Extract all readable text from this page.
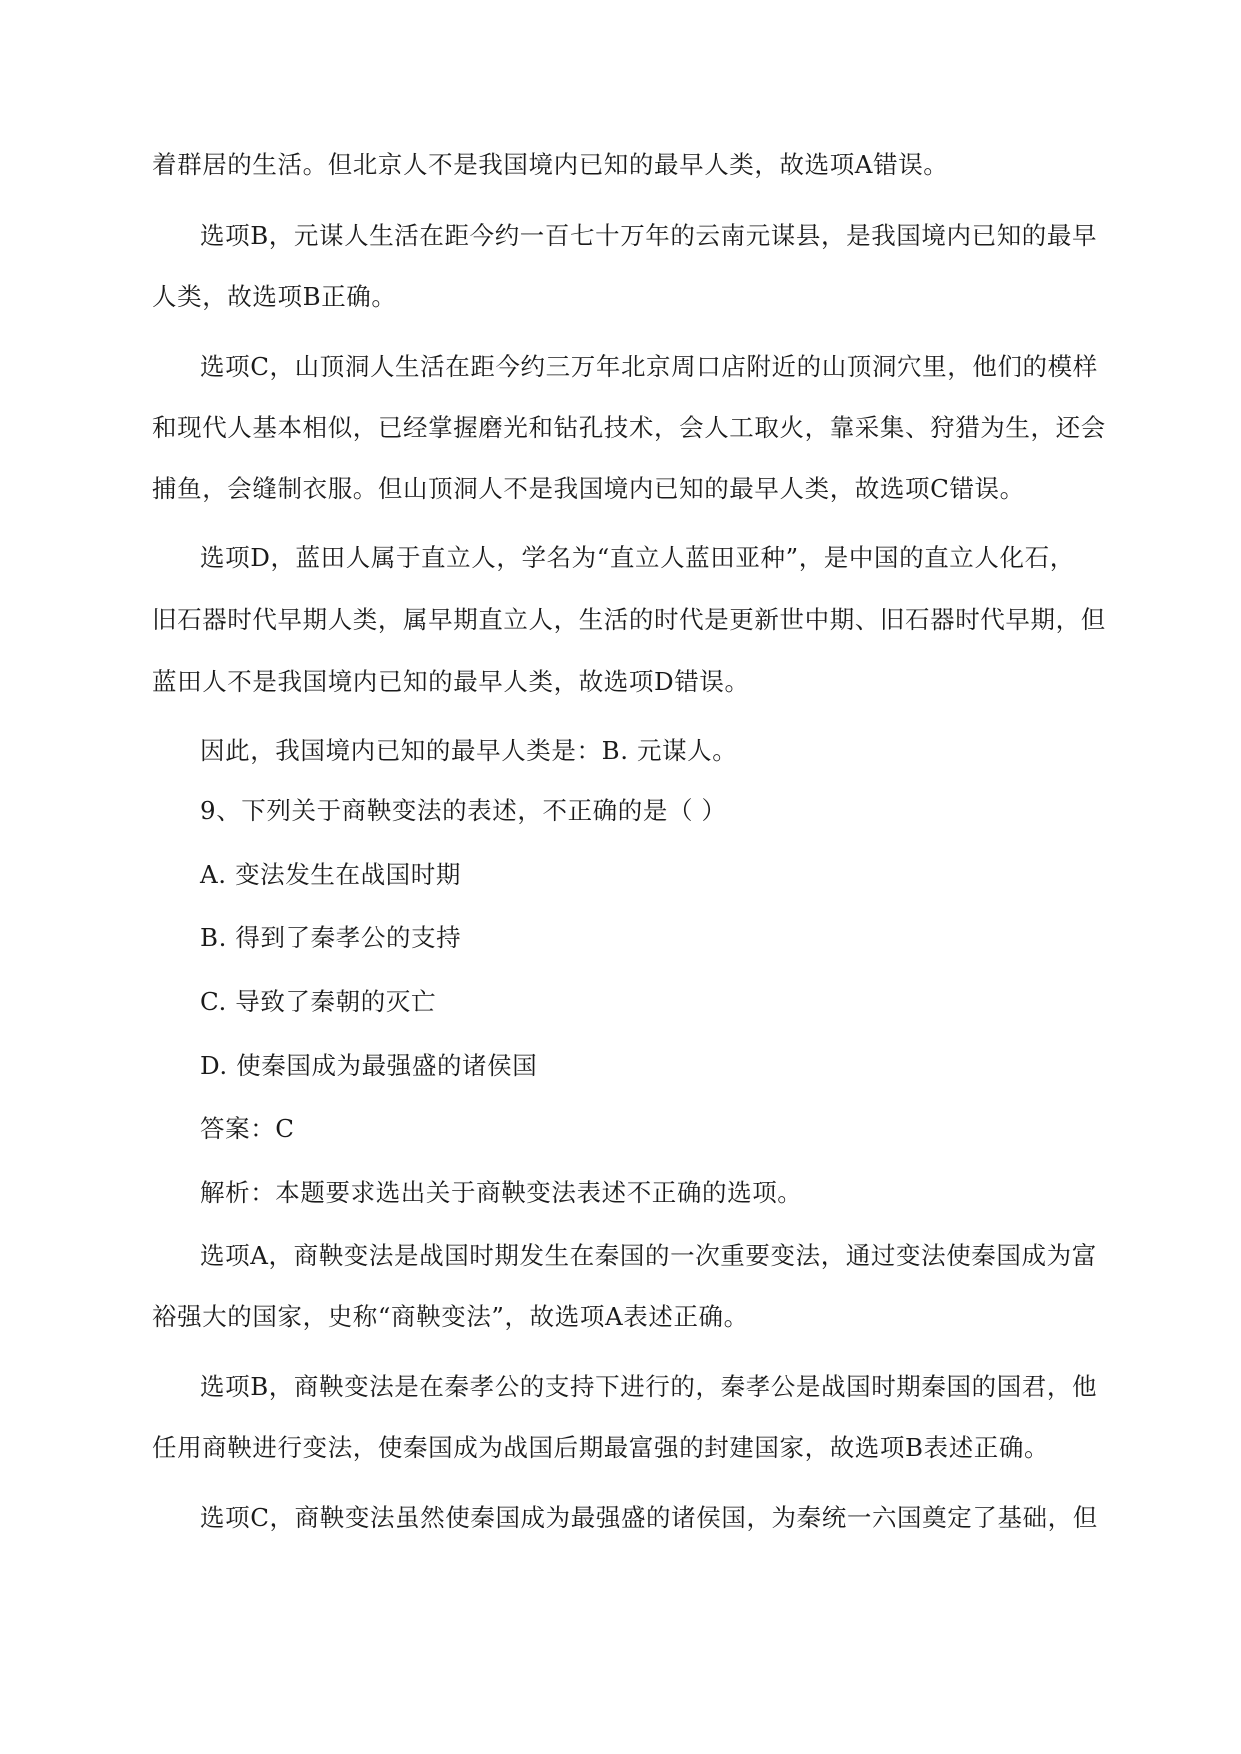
着群居的生活。但北京人不是我国境内已知的最早人类，故选项A错误。
选项B，元谋人生活在距今约一百七十万年的云南元谋县，是我国境内已知的最早
人类，故选项B正确。
选项C，山顶洞人生活在距今约三万年北京周口店附近的山顶洞穴里，他们的模样
和现代人基本相似，已经掌握磨光和钻孔技术，会人工取火，靠采集、狩猎为生，还会
捕鱼，会缝制衣服。但山顶洞人不是我国境内已知的最早人类，故选项C错误。
选项D，蓝田人属于直立人，学名为“直立人蓝田亚种”，是中国的直立人化石，
旧石器时代早期人类，属早期直立人，生活的时代是更新世中期、旧石器时代早期，但
蓝田人不是我国境内已知的最早人类，故选项D错误。
因此，我国境内已知的最早人类是：B. 元谋人。
9、下列关于商鞅变法的表述，不正确的是（ ）
A. 变法发生在战国时期
B. 得到了秦孝公的支持
C. 导致了秦朝的灭亡
D. 使秦国成为最强盛的诸侯国
答案：C
解析：本题要求选出关于商鞅变法表述不正确的选项。
选项A，商鞅变法是战国时期发生在秦国的一次重要变法，通过变法使秦国成为富
裕强大的国家，史称“商鞅变法”，故选项A表述正确。
选项B，商鞅变法是在秦孝公的支持下进行的，秦孝公是战国时期秦国的国君，他
任用商鞅进行变法，使秦国成为战国后期最富强的封建国家，故选项B表述正确。
选项C，商鞅变法虽然使秦国成为最强盛的诸侯国，为秦统一六国奠定了基础，但
